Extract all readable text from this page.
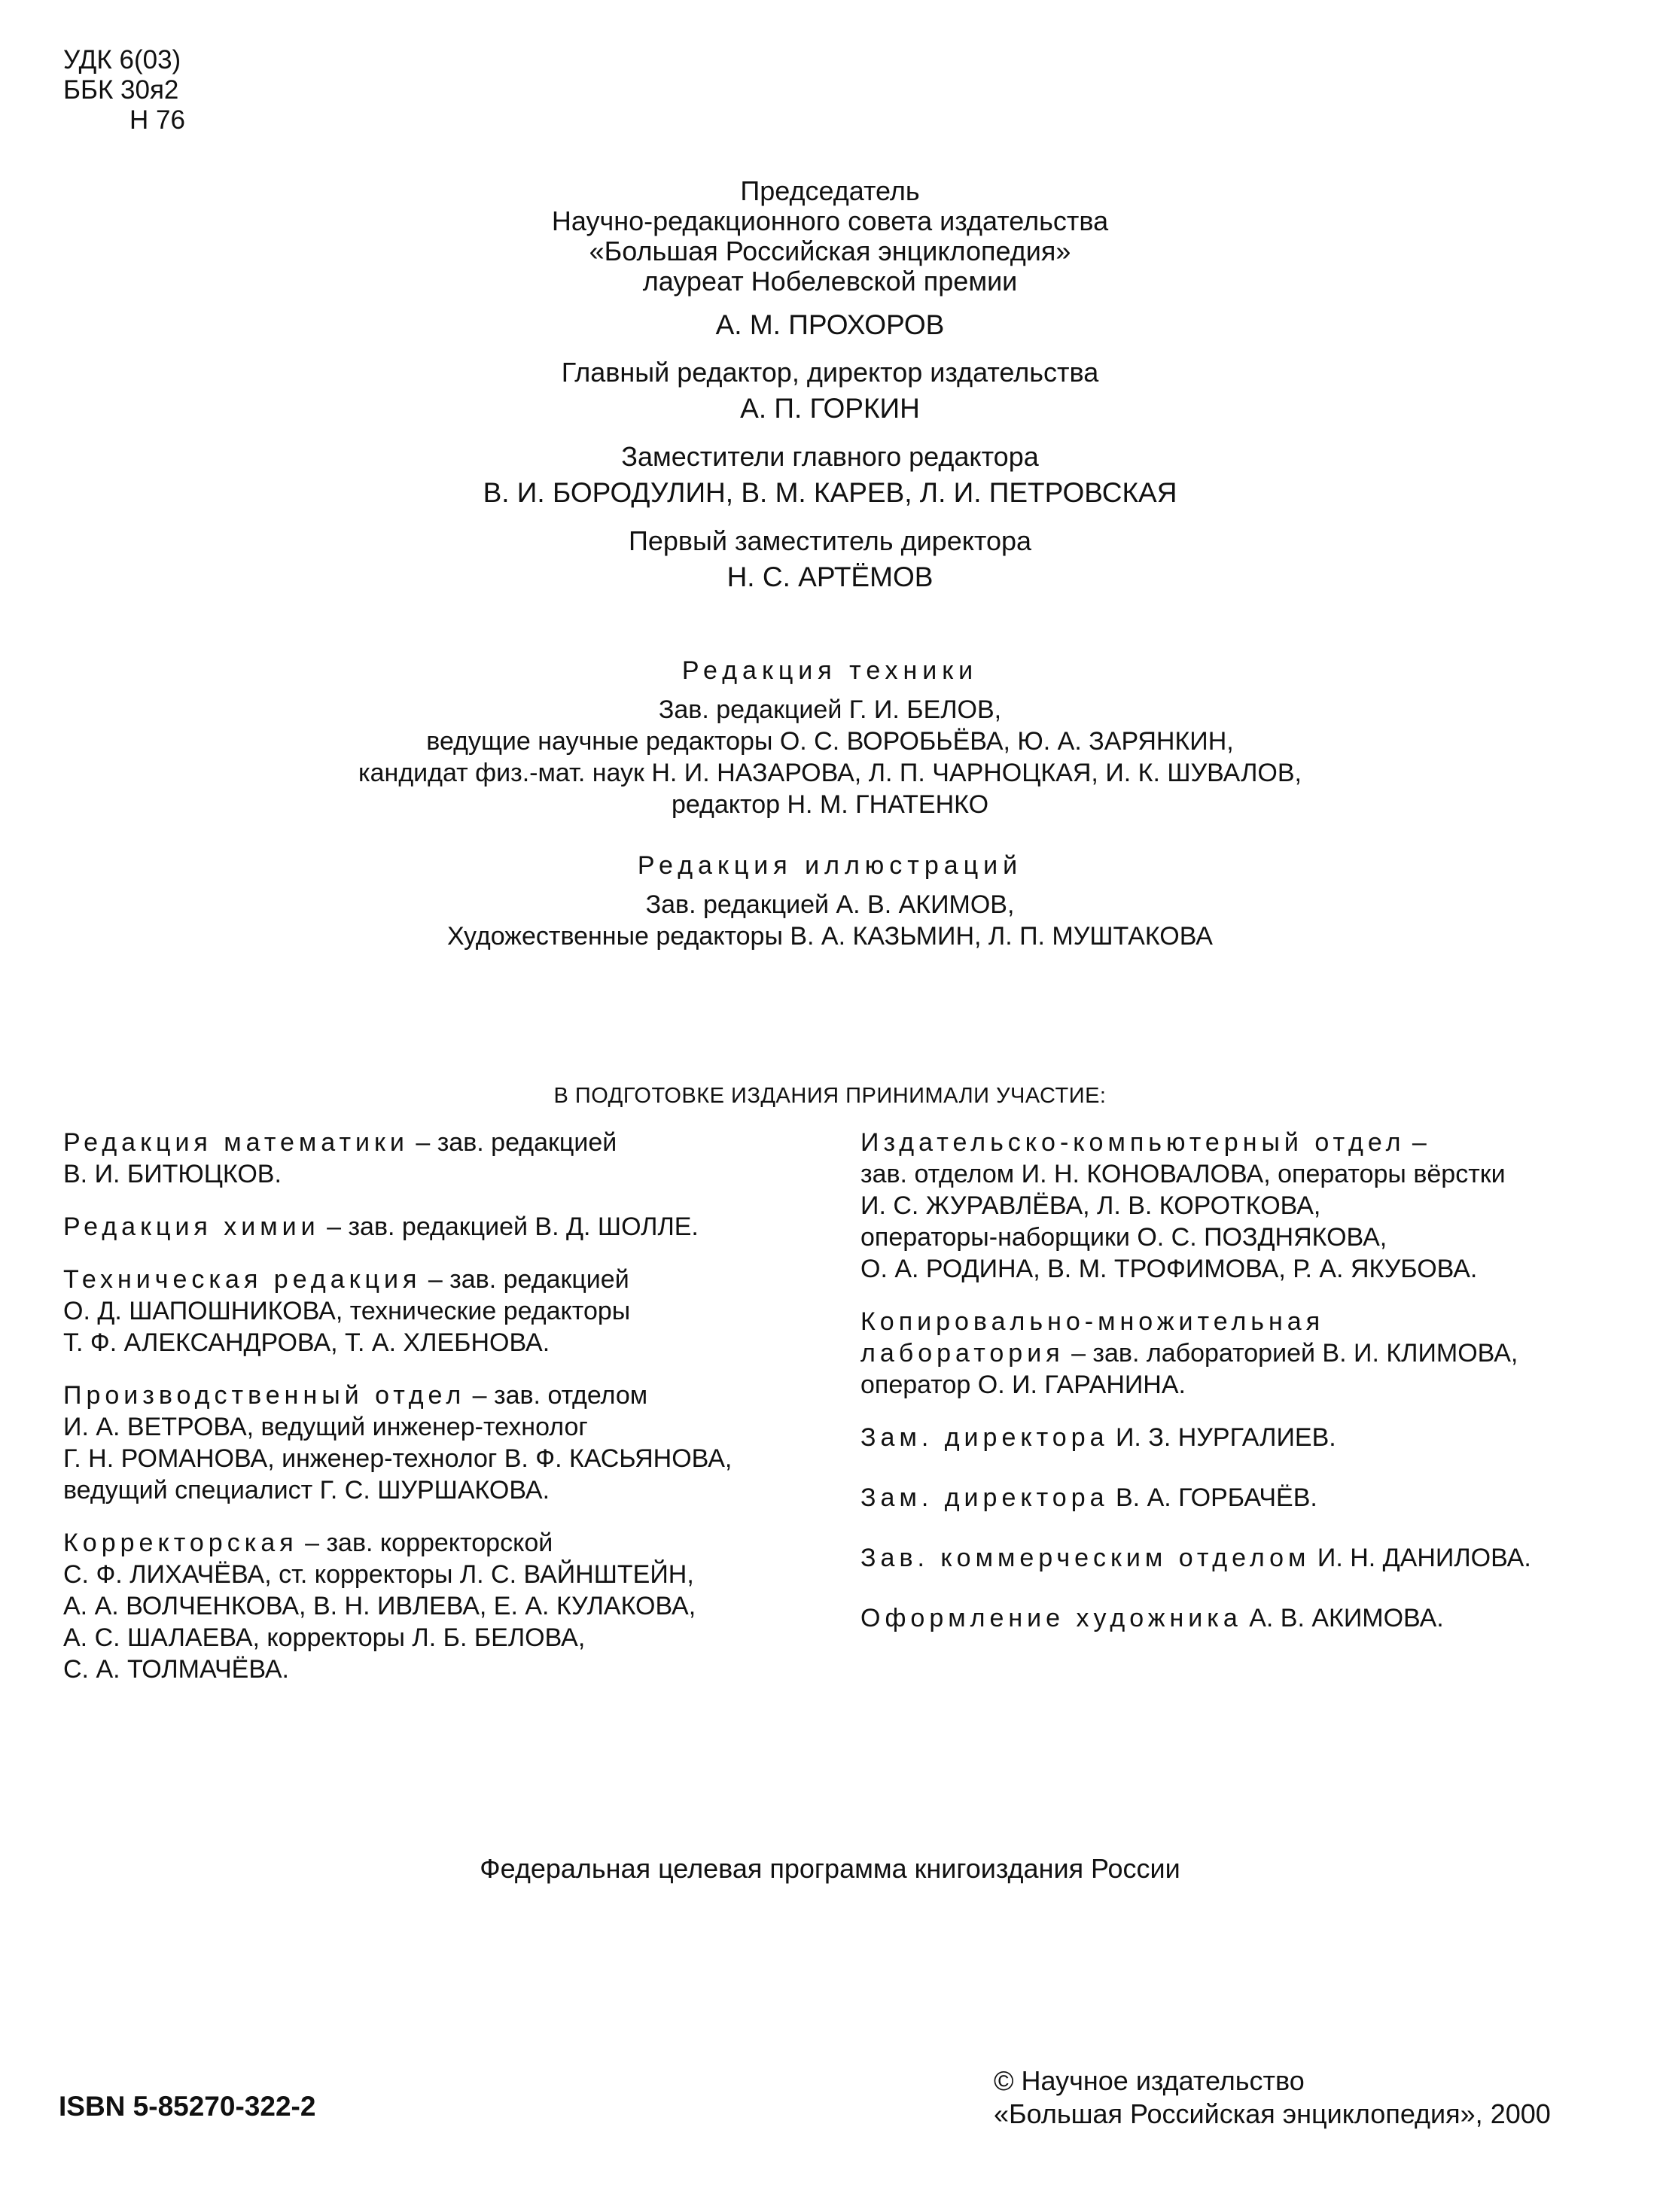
УДК 6(03)
ББК 30я2
Н 76
Председатель
Научно-редакционного совета издательства
«Большая Российская энциклопедия»
лауреат Нобелевской премии
А. М. ПРОХОРОВ
Главный редактор, директор издательства
А. П. ГОРКИН
Заместители главного редактора
В. И. БОРОДУЛИН, В. М. КАРЕВ, Л. И. ПЕТРОВСКАЯ
Первый заместитель директора
Н. С. АРТЁМОВ
Редакция техники
Зав. редакцией Г. И. БЕЛОВ,
ведущие научные редакторы О. С. ВОРОБЬЁВА, Ю. А. ЗАРЯНКИН,
кандидат физ.-мат. наук Н. И. НАЗАРОВА, Л. П. ЧАРНОЦКАЯ, И. К. ШУВАЛОВ,
редактор Н. М. ГНАТЕНКО
Редакция иллюстраций
Зав. редакцией А. В. АКИМОВ,
Художественные редакторы В. А. КАЗЬМИН, Л. П. МУШТАКОВА
В ПОДГОТОВКЕ ИЗДАНИЯ ПРИНИМАЛИ УЧАСТИЕ:

Редакция математики – зав. редакцией
В. И. БИТЮЦКОВ.

Редакция химии – зав. редакцией В. Д. ШОЛЛЕ.

Техническая редакция – зав. редакцией
О. Д. ШАПОШНИКОВА, технические редакторы
Т. Ф. АЛЕКСАНДРОВА, Т. А. ХЛЕБНОВА.

Производственный отдел – зав. отделом
И. А. ВЕТРОВА, ведущий инженер-технолог
Г. Н. РОМАНОВА, инженер-технолог В. Ф. КАСЬЯНОВА,
ведущий специалист Г. С. ШУРШАКОВА.

Корректорская – зав. корректорской
С. Ф. ЛИХАЧЁВА, ст. корректоры Л. С. ВАЙНШТЕЙН,
А. А. ВОЛЧЕНКОВА, В. Н. ИВЛЕВА, Е. А. КУЛАКОВА,
А. С. ШАЛАЕВА, корректоры Л. Б. БЕЛОВА,
С. А. ТОЛМАЧЁВА.

Издательско-компьютерный отдел –
зав. отделом И. Н. КОНОВАЛОВА, операторы вёрстки
И. С. ЖУРАВЛЁВА, Л. В. КОРОТКОВА,
операторы-наборщики О. С. ПОЗДНЯКОВА,
О. А. РОДИНА, В. М. ТРОФИМОВА, Р. А. ЯКУБОВА.

Копировально-множительная
лаборатория – зав. лабораторией В. И. КЛИМОВА,
оператор О. И. ГАРАНИНА.

Зам. директора И. З. НУРГАЛИЕВ.

Зам. директора В. А. ГОРБАЧЁВ.

Зав. коммерческим отделом И. Н. ДАНИЛОВА.

Оформление художника А. В. АКИМОВА.

Федеральная целевая программа книгоиздания России
ISBN 5-85270-322-2
© Научное издательство
«Большая Российская энциклопедия», 2000
